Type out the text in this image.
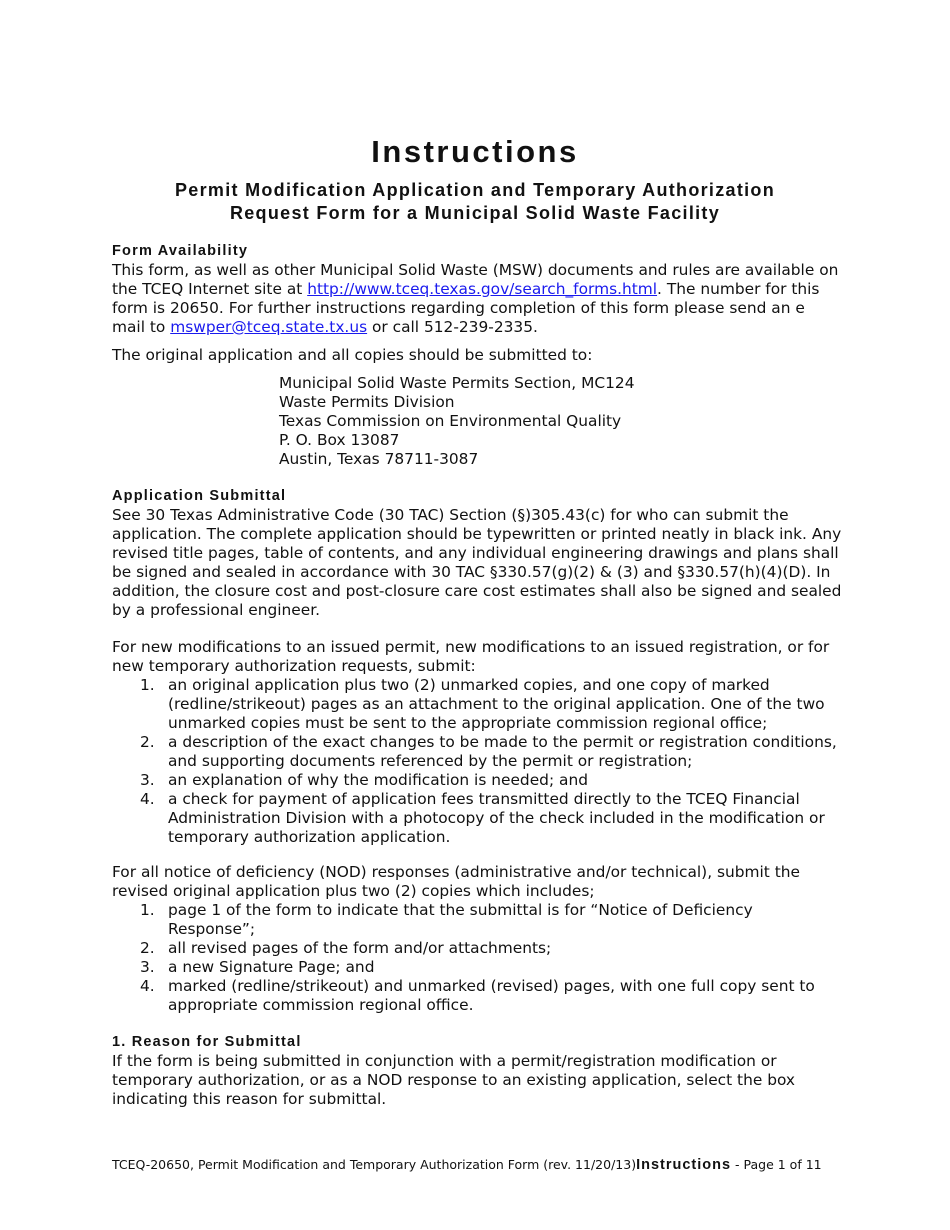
Instructions
Permit Modification Application and Temporary Authorization
Request Form for a Municipal Solid Waste Facility
Form Availability

This form, as well as other Municipal Solid Waste (MSW) documents and rules are available on the TCEQ Internet site at http://www.tceq.texas.gov/search_forms.html. The number for this form is 20650. For further instructions regarding completion of this form please send an e mail to mswper@tceq.state.tx.us or call 512-239-2335.

The original application and all copies should be submitted to:
Municipal Solid Waste Permits Section, MC124
Waste Permits Division
Texas Commission on Environmental Quality
P. O. Box 13087
Austin, Texas 78711-3087
Application Submittal

See 30 Texas Administrative Code (30 TAC) Section (§)305.43(c) for who can submit the application. The complete application should be typewritten or printed neatly in black ink. Any revised title pages, table of contents, and any individual engineering drawings and plans shall be signed and sealed in accordance with 30 TAC §330.57(g)(2) & (3) and §330.57(h)(4)(D). In addition, the closure cost and post-closure care cost estimates shall also be signed and sealed by a professional engineer.

For new modifications to an issued permit, new modifications to an issued registration, or for new temporary authorization requests, submit:

1. an original application plus two (2) unmarked copies, and one copy of marked (redline/strikeout) pages as an attachment to the original application. One of the two unmarked copies must be sent to the appropriate commission regional office;
2. a description of the exact changes to be made to the permit or registration conditions, and supporting documents referenced by the permit or registration;
3. an explanation of why the modification is needed; and
4. a check for payment of application fees transmitted directly to the TCEQ Financial Administration Division with a photocopy of the check included in the modification or temporary authorization application.

For all notice of deficiency (NOD) responses (administrative and/or technical), submit the revised original application plus two (2) copies which includes;

1. page 1 of the form to indicate that the submittal is for “Notice of Deficiency Response”;
2. all revised pages of the form and/or attachments;
3. a new Signature Page; and
4. marked (redline/strikeout) and unmarked (revised) pages, with one full copy sent to appropriate commission regional office.
1. Reason for Submittal

If the form is being submitted in conjunction with a permit/registration modification or temporary authorization, or as a NOD response to an existing application, select the box indicating this reason for submittal.

TCEQ-20650, Permit Modification and Temporary Authorization Form (rev. 11/20/13)Instructions - Page 1 of 11
